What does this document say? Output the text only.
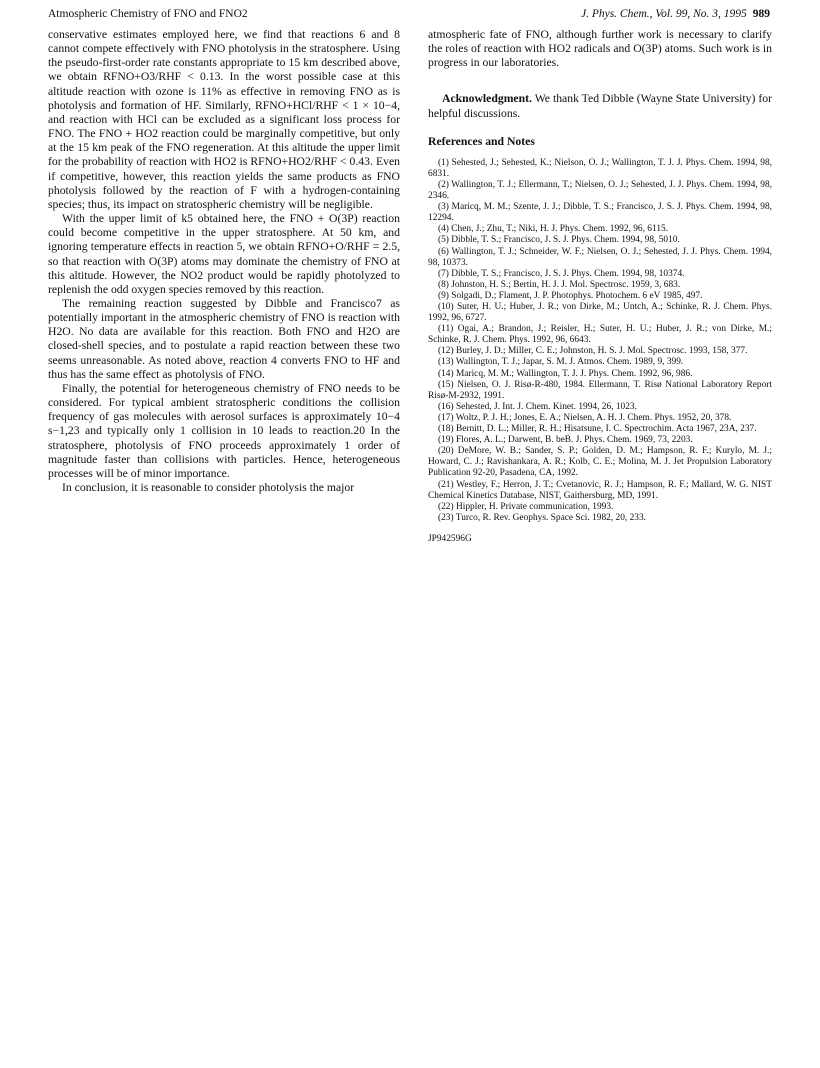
Atmospheric Chemistry of FNO and FNO2	J. Phys. Chem., Vol. 99, No. 3, 1995 989

conservative estimates employed here, we find that reactions 6 and 8 cannot compete effectively with FNO photolysis in the stratosphere. Using the pseudo-first-order rate constants appropriate to 15 km described above, we obtain RFNO+O3/RHF < 0.13. In the worst possible case at this altitude reaction with ozone is 11% as effective in removing FNO as is photolysis and formation of HF. Similarly, RFNO+HCl/RHF < 1 × 10−4, and reaction with HCl can be excluded as a significant loss process for FNO. The FNO + HO2 reaction could be marginally competitive, but only at the 15 km peak of the FNO regeneration. At this altitude the upper limit for the probability of reaction with HO2 is RFNO+HO2/RHF < 0.43. Even if competitive, however, this reaction yields the same products as FNO photolysis followed by the reaction of F with a hydrogen-containing species; thus, its impact on stratospheric chemistry will be negligible.

With the upper limit of k5 obtained here, the FNO + O(3P) reaction could become competitive in the upper stratosphere. At 50 km, and ignoring temperature effects in reaction 5, we obtain RFNO+O/RHF = 2.5, so that reaction with O(3P) atoms may dominate the chemistry of FNO at this altitude. However, the NO2 product would be rapidly photolyzed to replenish the odd oxygen species removed by this reaction.

The remaining reaction suggested by Dibble and Francisco7 as potentially important in the atmospheric chemistry of FNO is reaction with H2O. No data are available for this reaction. Both FNO and H2O are closed-shell species, and to postulate a rapid reaction between these two seems unreasonable. As noted above, reaction 4 converts FNO to HF and thus has the same effect as photolysis of FNO.

Finally, the potential for heterogeneous chemistry of FNO needs to be considered. For typical ambient stratospheric conditions the collision frequency of gas molecules with aerosol surfaces is approximately 10−4 s−1,23 and typically only 1 collision in 10 leads to reaction.20 In the stratosphere, photolysis of FNO proceeds approximately 1 order of magnitude faster than collisions with particles. Hence, heterogeneous processes will be of minor importance.

In conclusion, it is reasonable to consider photolysis the major

atmospheric fate of FNO, although further work is necessary to clarify the roles of reaction with HO2 radicals and O(3P) atoms. Such work is in progress in our laboratories.

Acknowledgment. We thank Ted Dibble (Wayne State University) for helpful discussions.

References and Notes

(1) Sehested, J.; Sehested, K.; Nielson, O. J.; Wallington, T. J. J. Phys. Chem. 1994, 98, 6831.

(2) Wallington, T. J.; Ellermann, T.; Nielsen, O. J.; Sehested, J. J. Phys. Chem. 1994, 98, 2346.

(3) Maricq, M. M.; Szente, J. J.; Dibble, T. S.; Francisco, J. S. J. Phys. Chem. 1994, 98, 12294.

(4) Chen, J.; Zhu, T.; Niki, H. J. Phys. Chem. 1992, 96, 6115.

(5) Dibble, T. S.; Francisco, J. S. J. Phys. Chem. 1994, 98, 5010.

(6) Wallington, T. J.; Schneider, W. F.; Nielsen, O. J.; Sehested, J. J. Phys. Chem. 1994, 98, 10373.

(7) Dibble, T. S.; Francisco, J. S. J. Phys. Chem. 1994, 98, 10374.

(8) Johnston, H. S.; Bertin, H. J. J. Mol. Spectrosc. 1959, 3, 683.

(9) Solgadi, D.; Flament, J. P. Photophys. Photochem. 6 eV 1985, 497.

(10) Suter, H. U.; Huber, J. R.; von Dirke, M.; Untch, A.; Schinke, R. J. Chem. Phys. 1992, 96, 6727.

(11) Ogai, A.; Brandon, J.; Reisler, H.; Suter, H. U.; Huber, J. R.; von Dirke, M.; Schinke, R. J. Chem. Phys. 1992, 96, 6643.

(12) Burley, J. D.; Miller, C. E.; Johnston, H. S. J. Mol. Spectrosc. 1993, 158, 377.

(13) Wallington, T. J.; Japar, S. M. J. Atmos. Chem. 1989, 9, 399.

(14) Maricq, M. M.; Wallington, T. J. J. Phys. Chem. 1992, 96, 986.

(15) Nielsen, O. J. Risø-R-480, 1984. Ellermann, T. Risø National Laboratory Report Risø-M-2932, 1991.

(16) Sehested, J. Int. J. Chem. Kinet. 1994, 26, 1023.

(17) Woltz, P. J. H.; Jones, E. A.; Nielsen, A. H. J. Chem. Phys. 1952, 20, 378.

(18) Bernitt, D. L.; Miller, R. H.; Hisatsune, I. C. Spectrochim. Acta 1967, 23A, 237.

(19) Flores, A. L.; Darwent, B. beB. J. Phys. Chem. 1969, 73, 2203.

(20) DeMore, W. B.; Sander, S. P.; Golden, D. M.; Hampson, R. F.; Kurylo, M. J.; Howard, C. J.; Ravishankara, A. R.; Kolb, C. E.; Molina, M. J. Jet Propulsion Laboratory Publication 92-20, Pasadena, CA, 1992.

(21) Westley, F.; Herron, J. T.; Cvetanovic, R. J.; Hampson, R. F.; Mallard, W. G. NIST Chemical Kinetics Database, NIST, Gaithersburg, MD, 1991.

(22) Hippler, H. Private communication, 1993.

(23) Turco, R. Rev. Geophys. Space Sci. 1982, 20, 233.

JP942596G
